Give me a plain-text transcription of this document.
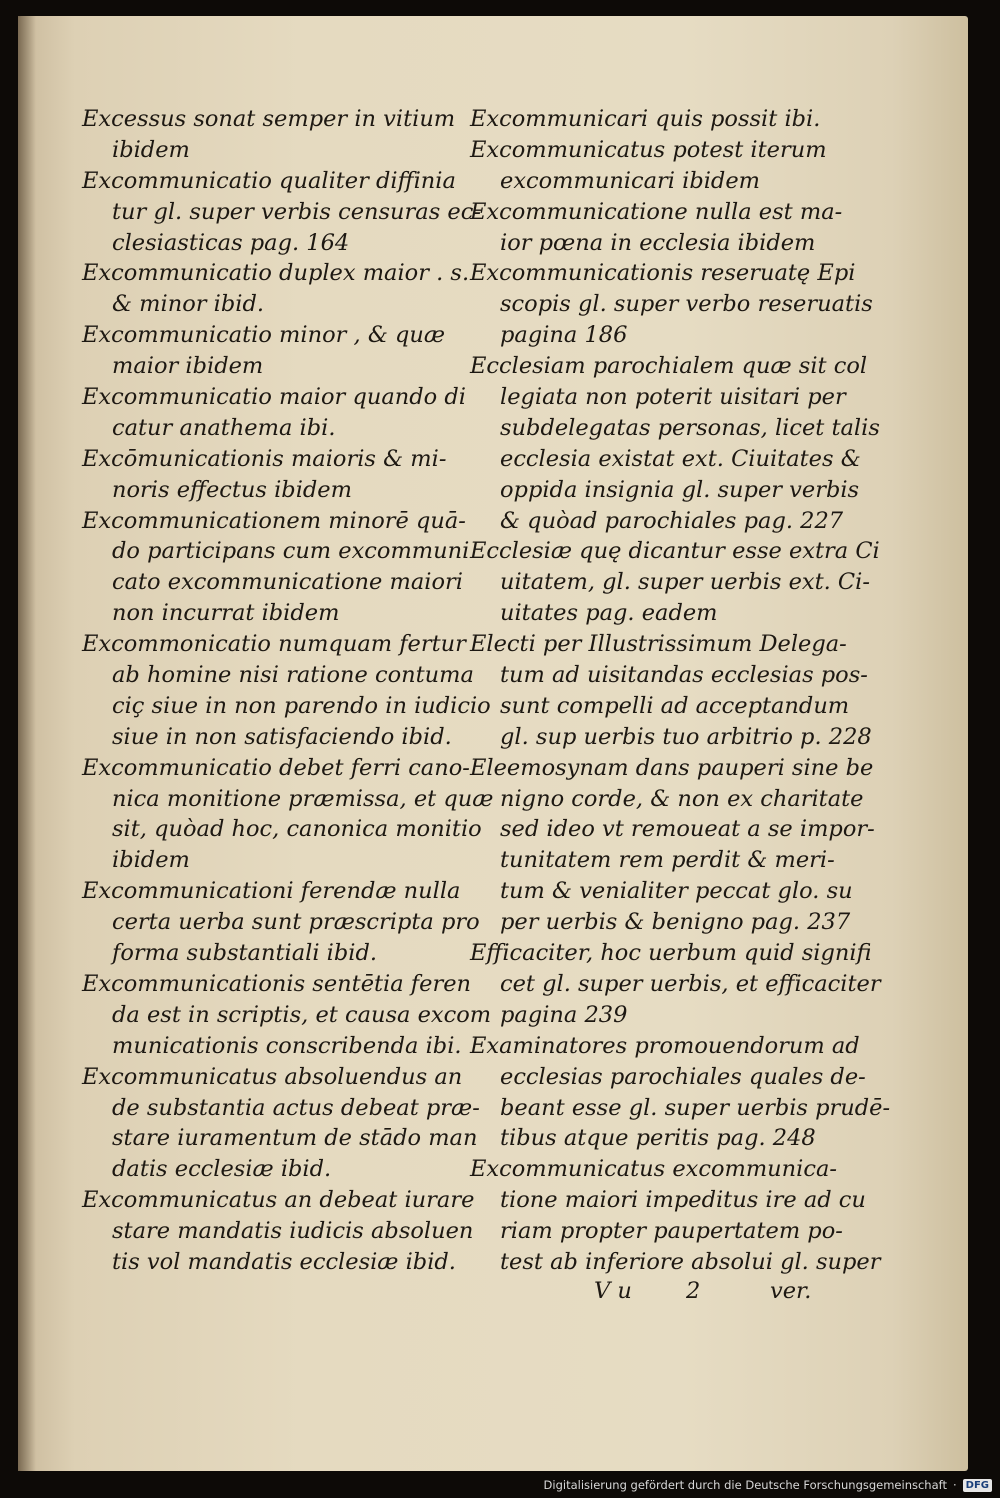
Excessus sonat semper in vitium
ibidem
Excommunicatio qualiter diffinia
tur gl. super verbis censuras ec-
clesiasticas pag. 164
Excommunicatio duplex maior . s.
& minor ibid.
Excommunicatio minor , & quæ
maior ibidem
Excommunicatio maior quando di
catur anathema ibi.
Excōmunicationis maioris & mi-
noris effectus ibidem
Excommunicationem minorē quā-
do participans cum excommuni
cato excommunicatione maiori
non incurrat ibidem
Excommonicatio numquam fertur
ab homine nisi ratione contuma
ciç siue in non parendo in iudicio
siue in non satisfaciendo ibid.
Excommunicatio debet ferri cano-
nica monitione præmissa, et quæ
sit, quòad hoc, canonica monitio
ibidem
Excommunicationi ferendæ nulla
certa uerba sunt præscripta pro
forma substantiali ibid.
Excommunicationis sentētia feren
da est in scriptis, et causa excom
municationis conscribenda ibi.
Excommunicatus absoluendus an
de substantia actus debeat præ-
stare iuramentum de stādo man
datis ecclesiæ ibid.
Excommunicatus an debeat iurare
stare mandatis iudicis absoluen
tis vol mandatis ecclesiæ ibid.
Excommunicari quis possit ibi.
Excommunicatus potest iterum
excommunicari ibidem
Excommunicatione nulla est ma-
ior pœna in ecclesia ibidem
Excommunicationis reseruatę Epi
scopis gl. super verbo reseruatis
pagina 186
Ecclesiam parochialem quæ sit col
legiata non poterit uisitari per
subdelegatas personas, licet talis
ecclesia existat ext. Ciuitates &
oppida insignia gl. super verbis
& quòad parochiales pag. 227
Ecclesiæ quę dicantur esse extra Ci
uitatem, gl. super uerbis ext. Ci-
uitates pag. eadem
Electi per Illustrissimum Delega-
tum ad uisitandas ecclesias pos-
sunt compelli ad acceptandum
gl. sup uerbis tuo arbitrio p. 228
Eleemosynam dans pauperi sine be
nigno corde, & non ex charitate
sed ideo vt remoueat a se impor-
tunitatem rem perdit & meri-
tum & venialiter peccat glo. su
per uerbis & benigno pag. 237
Efficaciter, hoc uerbum quid signifi
cet gl. super uerbis, et efficaciter
pagina 239
Examinatores promouendorum ad
ecclesias parochiales quales de-
beant esse gl. super uerbis prudē-
tibus atque peritis pag. 248
Excommunicatus excommunica-
tione maiori impeditus ire ad cu
riam propter paupertatem po-
test ab inferiore absolui gl. super
V u 2	ver.
Digitalisierung gefördert durch die Deutsche Forschungsgemeinschaft · DFG
